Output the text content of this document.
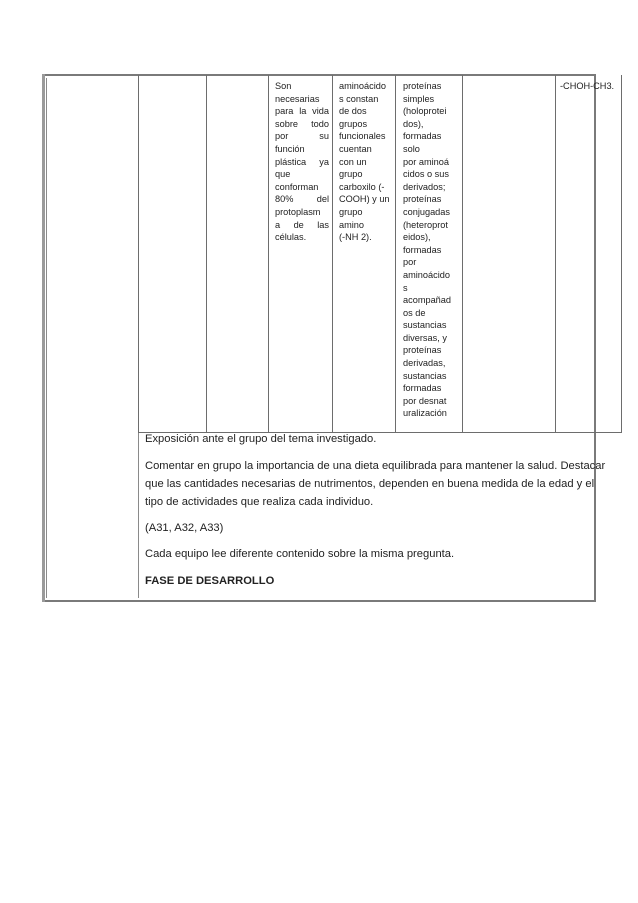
Son
necesarias
para la vida
sobre todo
por	su
función
plástica ya
que
conforman
80%	del
protoplasm
a de las
células.
aminoácido
s constan
de dos
grupos
funcionales
cuentan
con un
grupo
carboxilo (-
COOH) y un
grupo
amino
(-NH 2).
proteínas
simples
(holoprotei
dos),
formadas
solo
por aminoá
cidos o sus
derivados;
proteínas
conjugadas
(heteroprot
eidos),
formadas
por
aminoácido
s
acompañad
os de
sustancias
diversas, y
proteínas
derivadas,
sustancias
formadas
por desnat
uralización
-CHOH-CH3.
Exposición ante el grupo del tema investigado.
Comentar en grupo la importancia de una dieta equilibrada para mantener la salud. Destacar
que las cantidades necesarias de nutrimentos, dependen en buena medida de la edad y el
tipo de actividades que realiza cada individuo.
(A31, A32, A33)
Cada equipo lee diferente contenido sobre la misma pregunta.
FASE DE DESARROLLO
